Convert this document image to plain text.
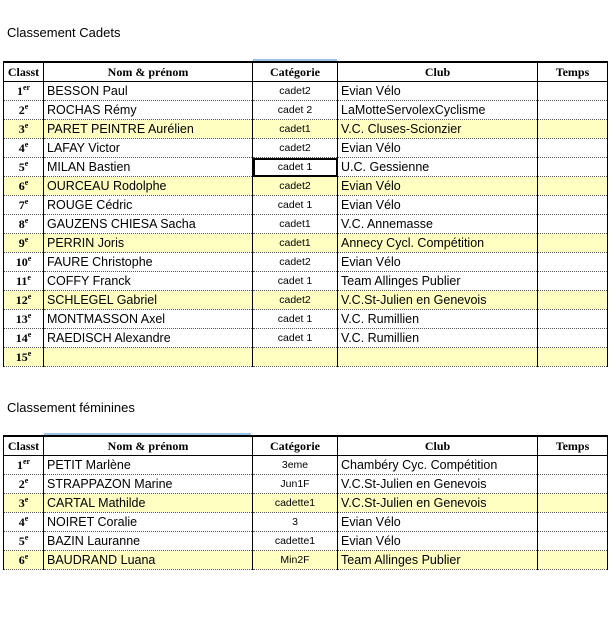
Classement Cadets
Classt	Nom & prénom	Catégorie	Club	Temps
1er	BESSON Paul	cadet2	Evian Vélo	
2e	ROCHAS Rémy	cadet 2	LaMotteServolexCyclisme	
3e	PARET PEINTRE Aurélien	cadet1	V.C. Cluses-Scionzier	
4e	LAFAY Victor	cadet2	Evian Vélo	
5e	MILAN Bastien	cadet 1	U.C. Gessienne	
6e	OURCEAU Rodolphe	cadet2	Evian Vélo	
7e	ROUGE Cédric	cadet 1	Evian Vélo	
8e	GAUZENS CHIESA Sacha	cadet1	V.C. Annemasse	
9e	PERRIN Joris	cadet1	Annecy Cycl. Compétition	
10e	FAURE Christophe	cadet2	Evian Vélo	
11e	COFFY Franck	cadet 1	Team Allinges Publier	
12e	SCHLEGEL Gabriel	cadet2	V.C.St-Julien en Genevois	
13e	MONTMASSON Axel	cadet 1	V.C. Rumillien	
14e	RAEDISCH Alexandre	cadet 1	V.C. Rumillien	
15e				
Classement féminines
Classt	Nom & prénom	Catégorie	Club	Temps
1er	PETIT Marlène	3eme	Chambéry Cyc. Compétition	
2e	STRAPPAZON Marine	Jun1F	V.C.St-Julien en Genevois	
3e	CARTAL Mathilde	cadette1	V.C.St-Julien en Genevois	
4e	NOIRET Coralie	3	Evian Vélo	
5e	BAZIN Lauranne	cadette1	Evian Vélo	
6e	BAUDRAND Luana	Min2F	Team Allinges Publier	
